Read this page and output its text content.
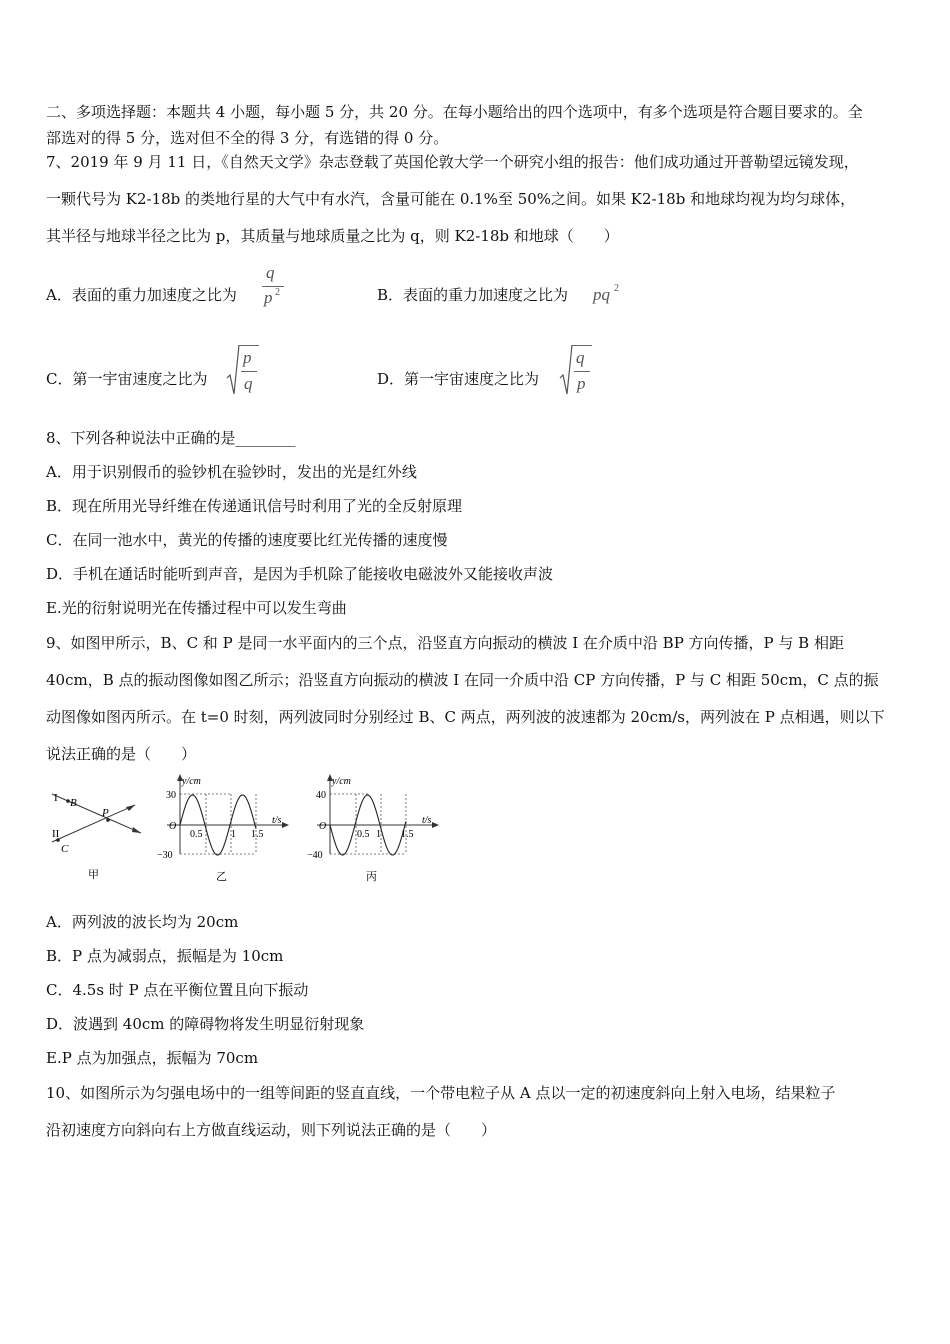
二、多项选择题：本题共 4 小题，每小题 5 分，共 20 分。在每小题给出的四个选项中，有多个选项是符合题目要求的。全
部选对的得 5 分，选对但不全的得 3 分，有选错的得 0 分。
7、2019 年 9 月 11 日，《自然天文学》杂志登载了英国伦敦大学一个研究小组的报告：他们成功通过开普勒望远镜发现，
一颗代号为 K2-18b 的类地行星的大气中有水汽，含量可能在 0.1%至 50%之间。如果 K2-18b 和地球均视为均匀球体，
其半径与地球半径之比为 p，其质量与地球质量之比为 q，则 K2-18b 和地球（　　）
A．表面的重力加速度之比为
q
p 2	B．表面的重力加速度之比为 pq 2
C．第一宇宙速度之比为
p
q	D．第一宇宙速度之比为
q
p
8、下列各种说法中正确的是________
A．用于识别假币的验钞机在验钞时，发出的光是红外线
B．现在所用光导纤维在传递通讯信号时利用了光的全反射原理
C．在同一池水中，黄光的传播的速度要比红光传播的速度慢
D．手机在通话时能听到声音，是因为手机除了能接收电磁波外又能接收声波
E.光的衍射说明光在传播过程中可以发生弯曲
9、如图甲所示，B、C 和 P 是同一水平面内的三个点，沿竖直方向振动的横波 I 在介质中沿 BP 方向传播，P 与 B 相距
40cm，B 点的振动图像如图乙所示；沿竖直方向振动的横波 I 在同一介质中沿 CP 方向传播，P 与 C 相距 50cm，C 点的振
动图像如图丙所示。在 t=0 时刻，两列波同时分别经过 B、C 两点，两列波的波速都为 20cm/s，两列波在 P 点相遇，则以下
说法正确的是（　　）
I
II
B
C
P
甲
y/cm
t/s
30
−30
O
0.5	1 1.5
乙
y/cm
t/s
40
−40
O
0.5 1 1.5
丙
A．两列波的波长均为 20cm
B．P 点为减弱点，振幅是为 10cm
C．4.5s 时 P 点在平衡位置且向下振动
D．波遇到 40cm 的障碍物将发生明显衍射现象
E.P 点为加强点，振幅为 70cm
10、如图所示为匀强电场中的一组等间距的竖直直线，一个带电粒子从 A 点以一定的初速度斜向上射入电场，结果粒子
沿初速度方向斜向右上方做直线运动，则下列说法正确的是（　　）
